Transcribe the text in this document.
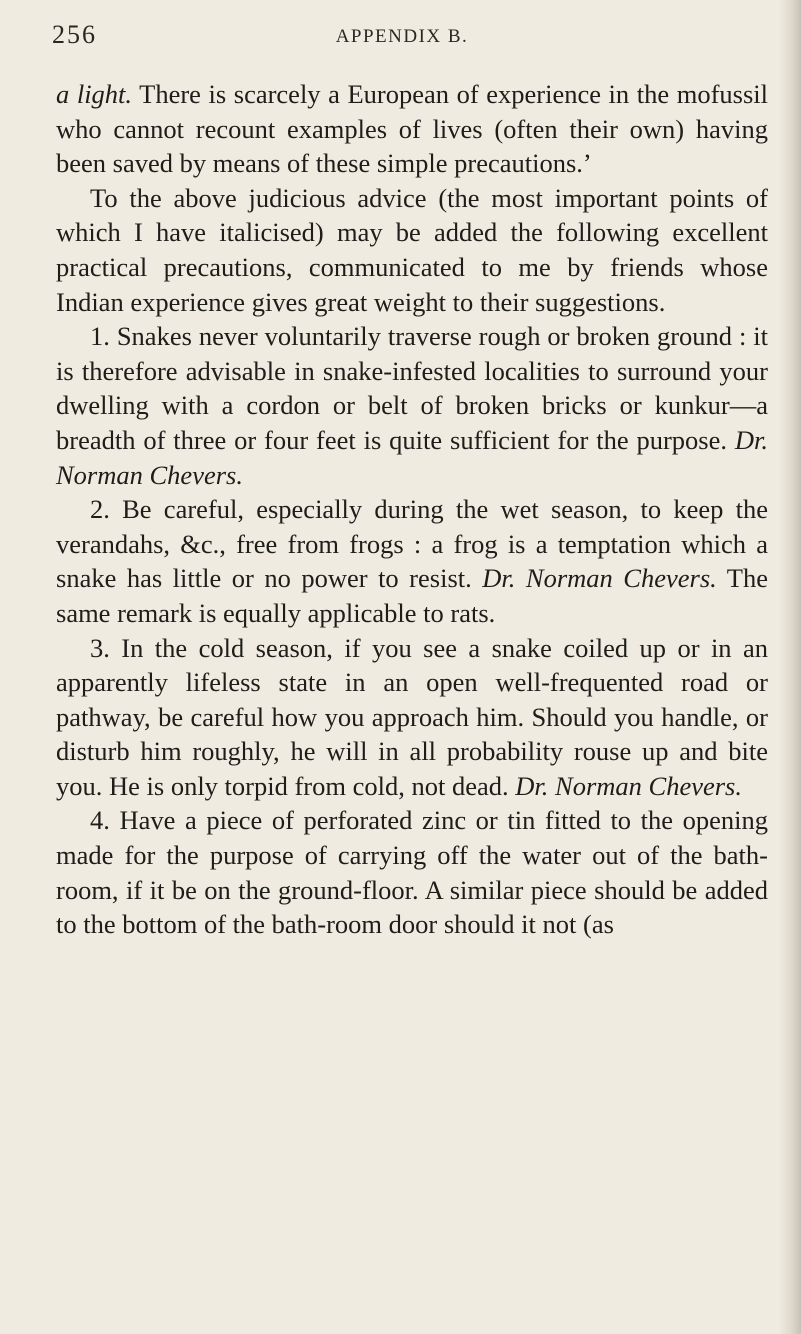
256	APPENDIX B.

a light. There is scarcely a European of experience in the mofussil who cannot recount examples of lives (often their own) having been saved by means of these simple precautions.’

To the above judicious advice (the most important points of which I have italicised) may be added the following excellent practical precautions, communicated to me by friends whose Indian experience gives great weight to their suggestions.

1. Snakes never voluntarily traverse rough or broken ground : it is therefore advisable in snake-infested localities to surround your dwelling with a cordon or belt of broken bricks or kunkur—a breadth of three or four feet is quite sufficient for the purpose. Dr. Norman Chevers.

2. Be careful, especially during the wet season, to keep the verandahs, &c., free from frogs : a frog is a temptation which a snake has little or no power to resist. Dr. Norman Chevers. The same remark is equally applicable to rats.

3. In the cold season, if you see a snake coiled up or in an apparently lifeless state in an open well-frequented road or pathway, be careful how you approach him. Should you handle, or disturb him roughly, he will in all probability rouse up and bite you. He is only torpid from cold, not dead. Dr. Norman Chevers.

4. Have a piece of perforated zinc or tin fitted to the opening made for the purpose of carrying off the water out of the bath-room, if it be on the ground-floor. A similar piece should be added to the bottom of the bath-room door should it not (as
